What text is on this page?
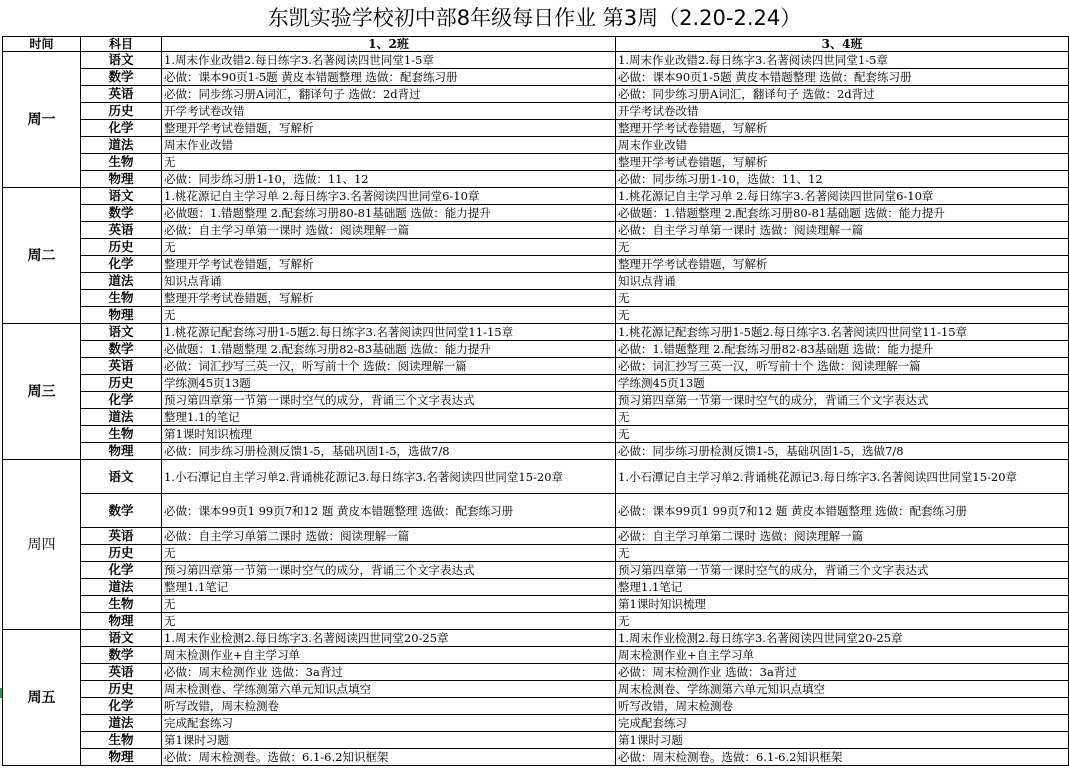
东凯实验学校初中部8年级每日作业 第3周（2.20-2.24）
时间	科目	1、2班	3、4班
周一	语文	1.周末作业改错2.每日练字3.名著阅读四世同堂1-5章	1.周末作业改错2.每日练字3.名著阅读四世同堂1-5章
	数学	必做：课本90页1-5题 黄皮本错题整理 选做：配套练习册	必做：课本90页1-5题 黄皮本错题整理 选做：配套练习册
	英语	必做：同步练习册A词汇，翻译句子 选做：2d背过	必做：同步练习册A词汇，翻译句子 选做：2d背过
	历史	开学考试卷改错	开学考试卷改错
	化学	整理开学考试卷错题，写解析	整理开学考试卷错题，写解析
	道法	周末作业改错	周末作业改错
	生物	无	整理开学考试卷错题，写解析
	物理	必做：同步练习册1-10，选做：11、12	必做：同步练习册1-10，选做：11、12
周二	语文	1.桃花源记自主学习单 2.每日练字3.名著阅读四世同堂6-10章	1.桃花源记自主学习单 2.每日练字3.名著阅读四世同堂6-10章
	数学	必做题：1.错题整理 2.配套练习册80-81基础题 选做：能力提升	必做题：1.错题整理 2.配套练习册80-81基础题 选做：能力提升
	英语	必做：自主学习单第一课时 选做：阅读理解一篇	必做：自主学习单第一课时 选做：阅读理解一篇
	历史	无	无
	化学	整理开学考试卷错题，写解析	整理开学考试卷错题，写解析
	道法	知识点背诵	知识点背诵
	生物	整理开学考试卷错题，写解析	无
	物理	无	无
周三	语文	1.桃花源记配套练习册1-5题2.每日练字3.名著阅读四世同堂11-15章	1.桃花源记配套练习册1-5题2.每日练字3.名著阅读四世同堂11-15章
	数学	必做题：1.错题整理 2.配套练习册82-83基础题 选做：能力提升	必做：1.错题整理 2.配套练习册82-83基础题 选做：能力提升
	英语	必做：词汇抄写三英一汉，听写前十个 选做：阅读理解一篇	必做：词汇抄写三英一汉，听写前十个 选做：阅读理解一篇
	历史	学练测45页13题	学练测45页13题
	化学	预习第四章第一节第一课时空气的成分，背诵三个文字表达式	预习第四章第一节第一课时空气的成分，背诵三个文字表达式
	道法	整理1.1的笔记	无
	生物	第1课时知识梳理	无
	物理	必做：同步练习册检测反馈1-5，基础巩固1-5，选做7/8	必做：同步练习册检测反馈1-5，基础巩固1-5，选做7/8
周四	语文	1.小石潭记自主学习单2.背诵桃花源记3.每日练字3.名著阅读四世同堂15-20章	1.小石潭记自主学习单2.背诵桃花源记3.每日练字3.名著阅读四世同堂15-20章
	数学	必做：课本99页1 99页7和12 题 黄皮本错题整理 选做：配套练习册	必做：课本99页1 99页7和12 题 黄皮本错题整理 选做：配套练习册
	英语	必做：自主学习单第二课时 选做：阅读理解一篇	必做：自主学习单第二课时 选做：阅读理解一篇
	历史	无	无
	化学	预习第四章第一节第一课时空气的成分，背诵三个文字表达式	预习第四章第一节第一课时空气的成分，背诵三个文字表达式
	道法	整理1.1笔记	整理1.1笔记
	生物	无	第1课时知识梳理
	物理	无	无
周五	语文	1.周末作业检测2.每日练字3.名著阅读四世同堂20-25章	1.周末作业检测2.每日练字3.名著阅读四世同堂20-25章
	数学	周末检测作业+自主学习单	周末检测作业+自主学习单
	英语	必做：周末检测作业 选做：3a背过	必做：周末检测作业 选做：3a背过
	历史	周末检测卷、学练测第六单元知识点填空	周末检测卷、学练测第六单元知识点填空
	化学	听写改错，周末检测卷	听写改错，周末检测卷
	道法	完成配套练习	完成配套练习
	生物	第1课时习题	第1课时习题
	物理	必做：周末检测卷。选做：6.1-6.2知识框架	必做：周末检测卷。选做：6.1-6.2知识框架
